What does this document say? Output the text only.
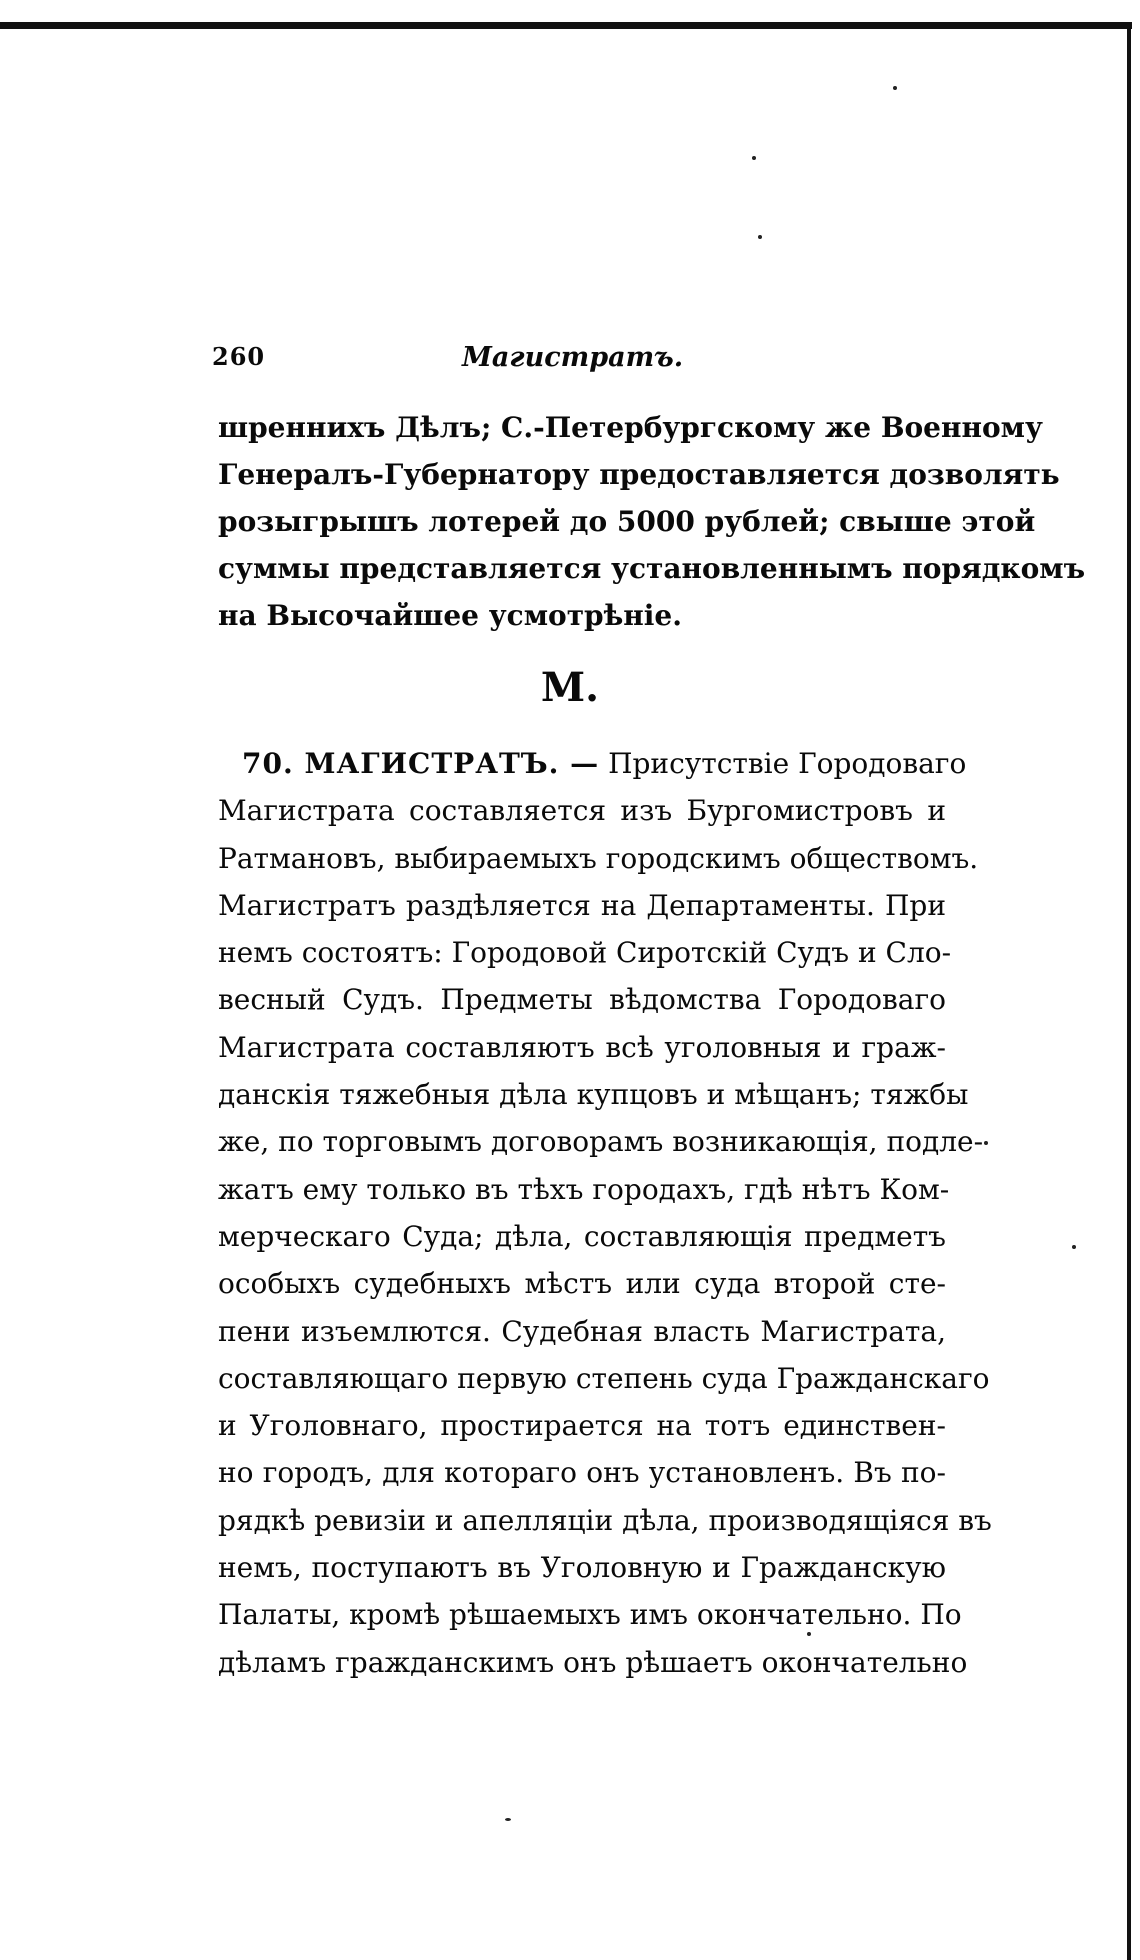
260	Магистратъ.
шреннихъ Дѣлъ; С.-Петербургскому же Военному
Генералъ-Губернатору предоставляется дозволять
розыгрышъ лотерей до 5000 рублей; свыше этой
суммы представляется установленнымъ порядкомъ
на Высочайшее усмотрѣніе.
М.
70. МАГИСТРАТЪ. — Присутствіе Городоваго
Магистрата составляется изъ Бургомистровъ и
Ратмановъ, выбираемыхъ городскимъ обществомъ.
Магистратъ раздѣляется на Департаменты. При
немъ состоятъ: Городовой Сиротскій Судъ и Сло-
весный Судъ. Предметы вѣдомства Городоваго
Магистрата составляютъ всѣ уголовныя и граж-
данскія тяжебныя дѣла купцовъ и мѣщанъ; тяжбы
же, по торговымъ договорамъ возникающія, подле-
жатъ ему только въ тѣхъ городахъ, гдѣ нѣтъ Ком-
мерческаго Суда; дѣла, составляющія предметъ
особыхъ судебныхъ мѣстъ или суда второй сте-
пени изъемлются. Судебная власть Магистрата,
составляющаго первую степень суда Гражданскаго
и Уголовнаго, простирается на тотъ единствен-
но городъ, для котораго онъ установленъ. Въ по-
рядкѣ ревизіи и апелляціи дѣла, производящіяся въ
немъ, поступаютъ въ Уголовную и Гражданскую
Палаты, кромѣ рѣшаемыхъ имъ окончательно. По
дѣламъ гражданскимъ онъ рѣшаетъ окончательно
